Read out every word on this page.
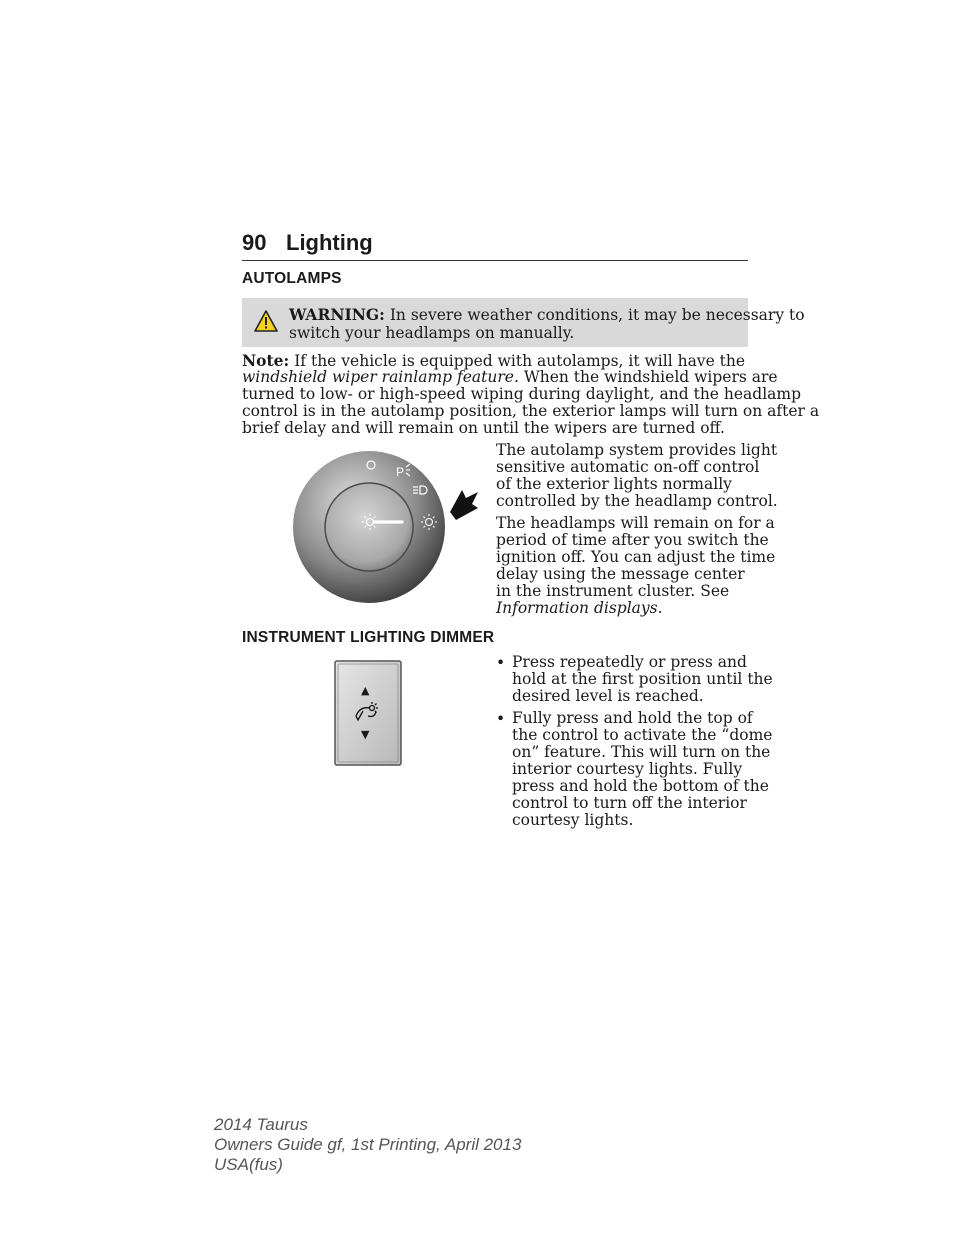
90 Lighting
AUTOLAMPS
WARNING: In severe weather conditions, it may be necessary to
switch your headlamps on manually.
Note: If the vehicle is equipped with autolamps, it will have the
windshield wiper rainlamp feature. When the windshield wipers are
turned to low- or high-speed wiping during daylight, and the headlamp
control is in the autolamp position, the exterior lamps will turn on after a
brief delay and will remain on until the wipers are turned off.
P
O
The autolamp system provides light
sensitive automatic on-off control
of the exterior lights normally
controlled by the headlamp control.
The headlamps will remain on for a
period of time after you switch the
ignition off. You can adjust the time
delay using the message center
in the instrument cluster. See
Information displays.
INSTRUMENT LIGHTING DIMMER
▲
▼
• Press repeatedly or press and
hold at the first position until the
desired level is reached.
• Fully press and hold the top of
the control to activate the “dome
on” feature. This will turn on the
interior courtesy lights. Fully
press and hold the bottom of the
control to turn off the interior
courtesy lights.
2014 Taurus
Owners Guide gf, 1st Printing, April 2013
USA(fus)
